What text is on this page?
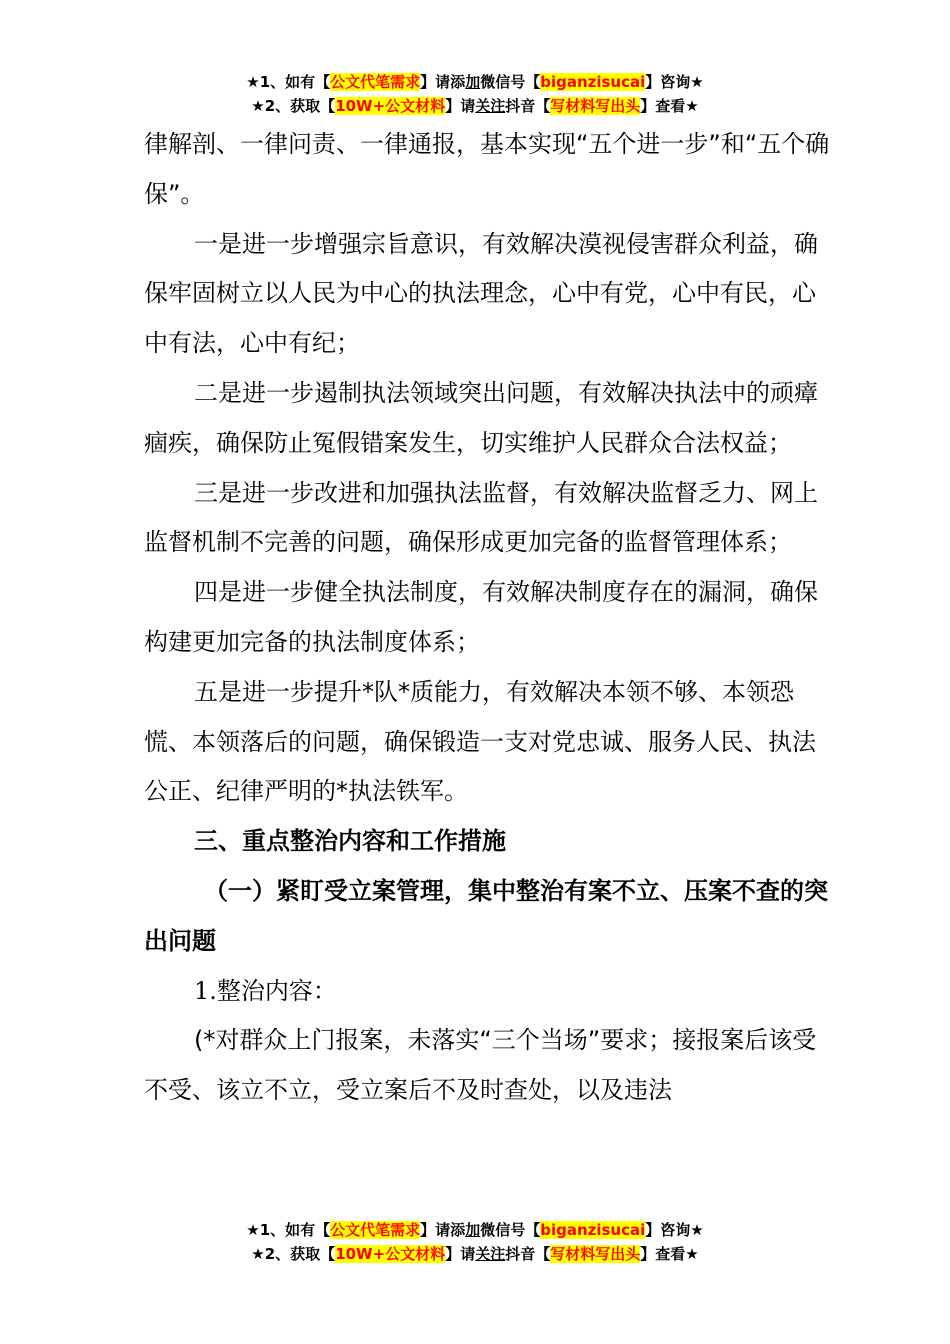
★1、如有【公文代笔需求】请添加微信号【biganzisucai】咨询★
★2、获取【10W+公文材料】请关注抖音【写材料写出头】查看★

律解剖、一律问责、一律通报，基本实现“五个进一步”和“五个确保”。

一是进一步增强宗旨意识，有效解决漠视侵害群众利益，确保牢固树立以人民为中心的执法理念，心中有党，心中有民，心中有法，心中有纪；

二是进一步遏制执法领域突出问题，有效解决执法中的顽瘴痼疾，确保防止冤假错案发生，切实维护人民群众合法权益；

三是进一步改进和加强执法监督，有效解决监督乏力、网上监督机制不完善的问题，确保形成更加完备的监督管理体系；

四是进一步健全执法制度，有效解决制度存在的漏洞，确保构建更加完备的执法制度体系；

五是进一步提升*队*质能力，有效解决本领不够、本领恐慌、本领落后的问题，确保锻造一支对党忠诚、服务人民、执法公正、纪律严明的*执法铁军。

三、重点整治内容和工作措施

（一）紧盯受立案管理，集中整治有案不立、压案不查的突出问题

1.整治内容：

(*对群众上门报案，未落实“三个当场”要求；接报案后该受不受、该立不立，受立案后不及时查处，以及违法

★1、如有【公文代笔需求】请添加微信号【biganzisucai】咨询★
★2、获取【10W+公文材料】请关注抖音【写材料写出头】查看★
